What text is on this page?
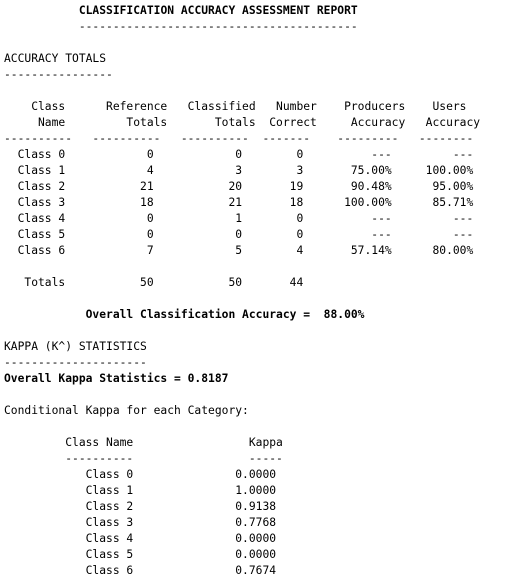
CLASSIFICATION ACCURACY ASSESSMENT REPORT
-----------------------------------------

ACCURACY TOTALS
----------------

Class      Reference   Classified   Number    Producers    Users
Name         Totals       Totals  Correct     Accuracy   Accuracy
----------   ----------   ----------  -------    ---------   --------
Class 0            0            0        0          ---         ---
Class 1            4            3        3       75.00%     100.00%
Class 2           21           20       19       90.48%      95.00%
Class 3           18           21       18      100.00%      85.71%
Class 4            0            1        0          ---         ---
Class 5            0            0        0          ---         ---
Class 6            7            5        4       57.14%      80.00%

Totals           50           50       44

Overall Classification Accuracy =  88.00%

KAPPA (K^) STATISTICS
---------------------
Overall Kappa Statistics = 0.8187

Conditional Kappa for each Category:

Class Name                 Kappa
----------                 -----
Class 0               0.0000
Class 1               1.0000
Class 2               0.9138
Class 3               0.7768
Class 4               0.0000
Class 5               0.0000
Class 6               0.7674
